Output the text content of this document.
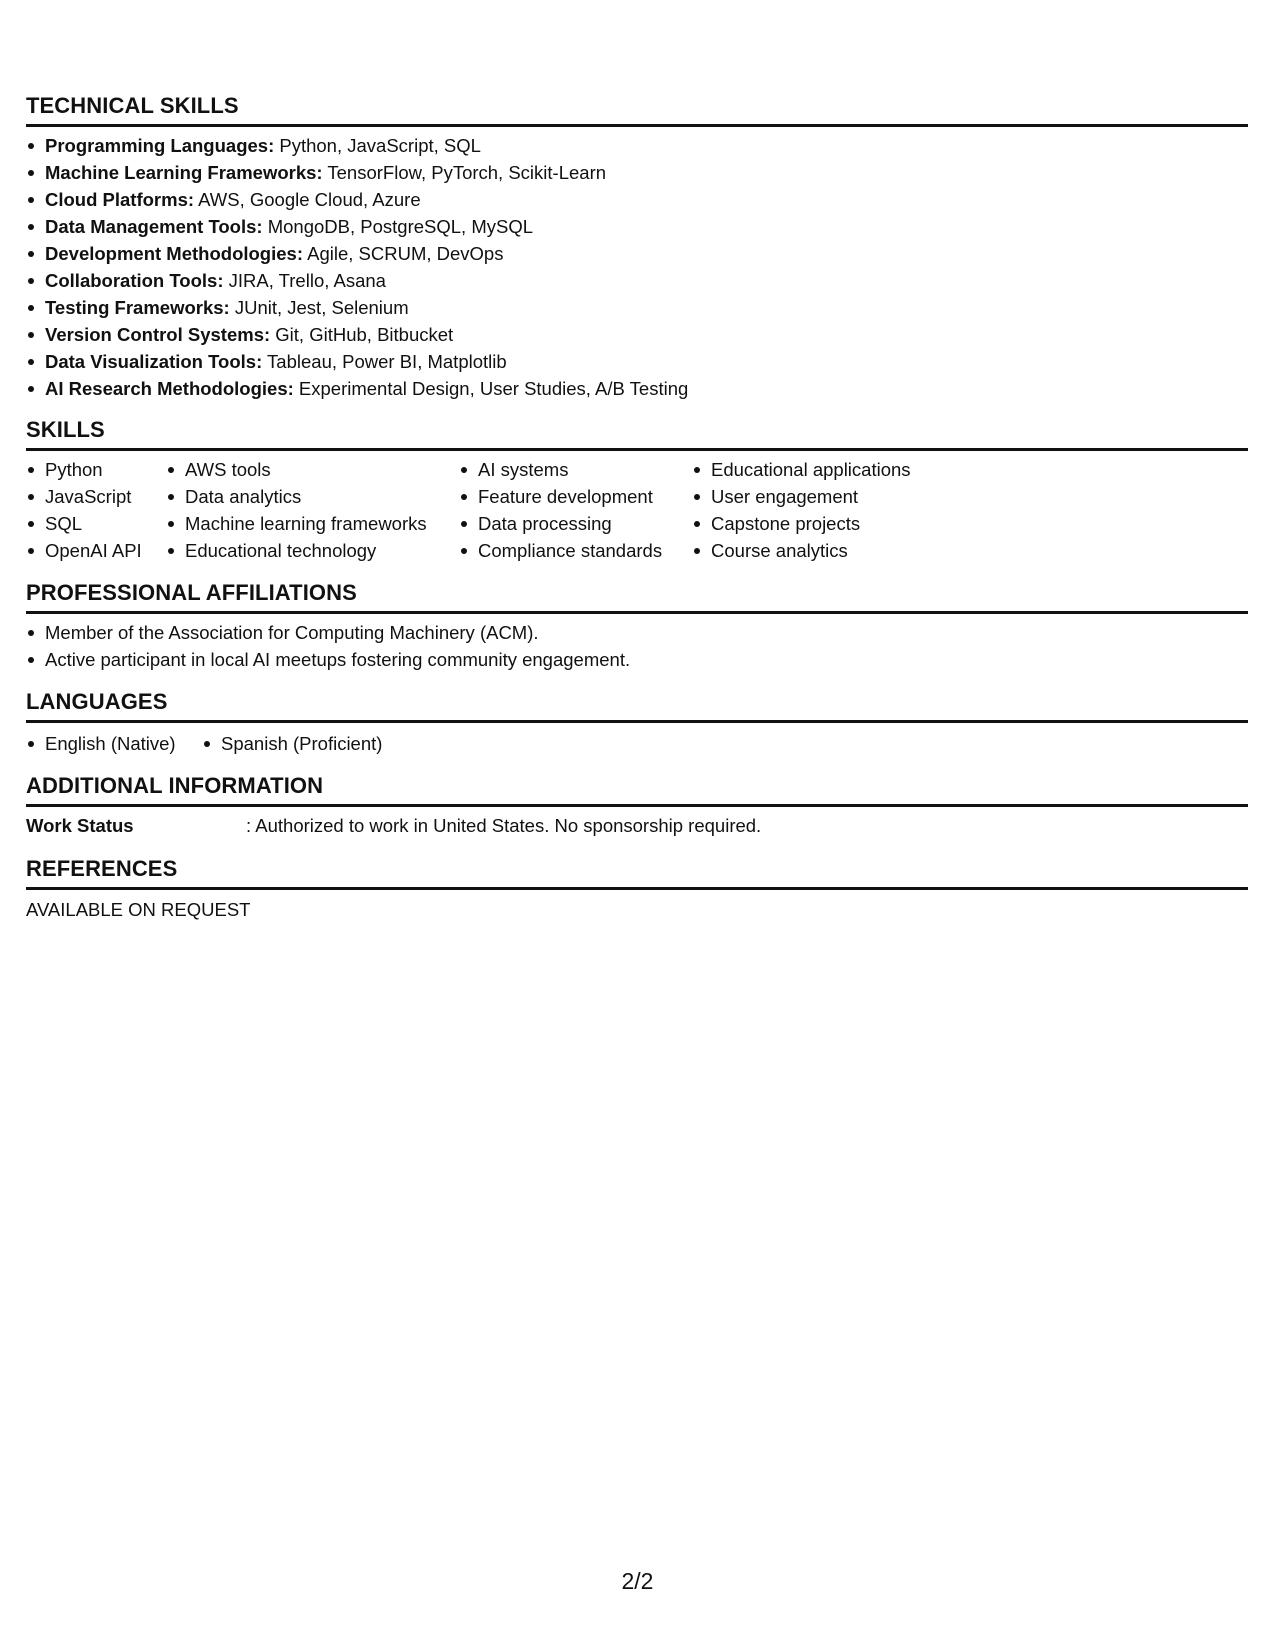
TECHNICAL SKILLS
Programming Languages: Python, JavaScript, SQL
Machine Learning Frameworks: TensorFlow, PyTorch, Scikit-Learn
Cloud Platforms: AWS, Google Cloud, Azure
Data Management Tools: MongoDB, PostgreSQL, MySQL
Development Methodologies: Agile, SCRUM, DevOps
Collaboration Tools: JIRA, Trello, Asana
Testing Frameworks: JUnit, Jest, Selenium
Version Control Systems: Git, GitHub, Bitbucket
Data Visualization Tools: Tableau, Power BI, Matplotlib
AI Research Methodologies: Experimental Design, User Studies, A/B Testing
SKILLS
Python
JavaScript
SQL
OpenAI API
AWS tools
Data analytics
Machine learning frameworks
Educational technology
AI systems
Feature development
Data processing
Compliance standards
Educational applications
User engagement
Capstone projects
Course analytics
PROFESSIONAL AFFILIATIONS
Member of the Association for Computing Machinery (ACM).
Active participant in local AI meetups fostering community engagement.
LANGUAGES
English (Native)	Spanish (Proficient)
ADDITIONAL INFORMATION
Work Status	: Authorized to work in United States. No sponsorship required.
REFERENCES
AVAILABLE ON REQUEST
2/2
